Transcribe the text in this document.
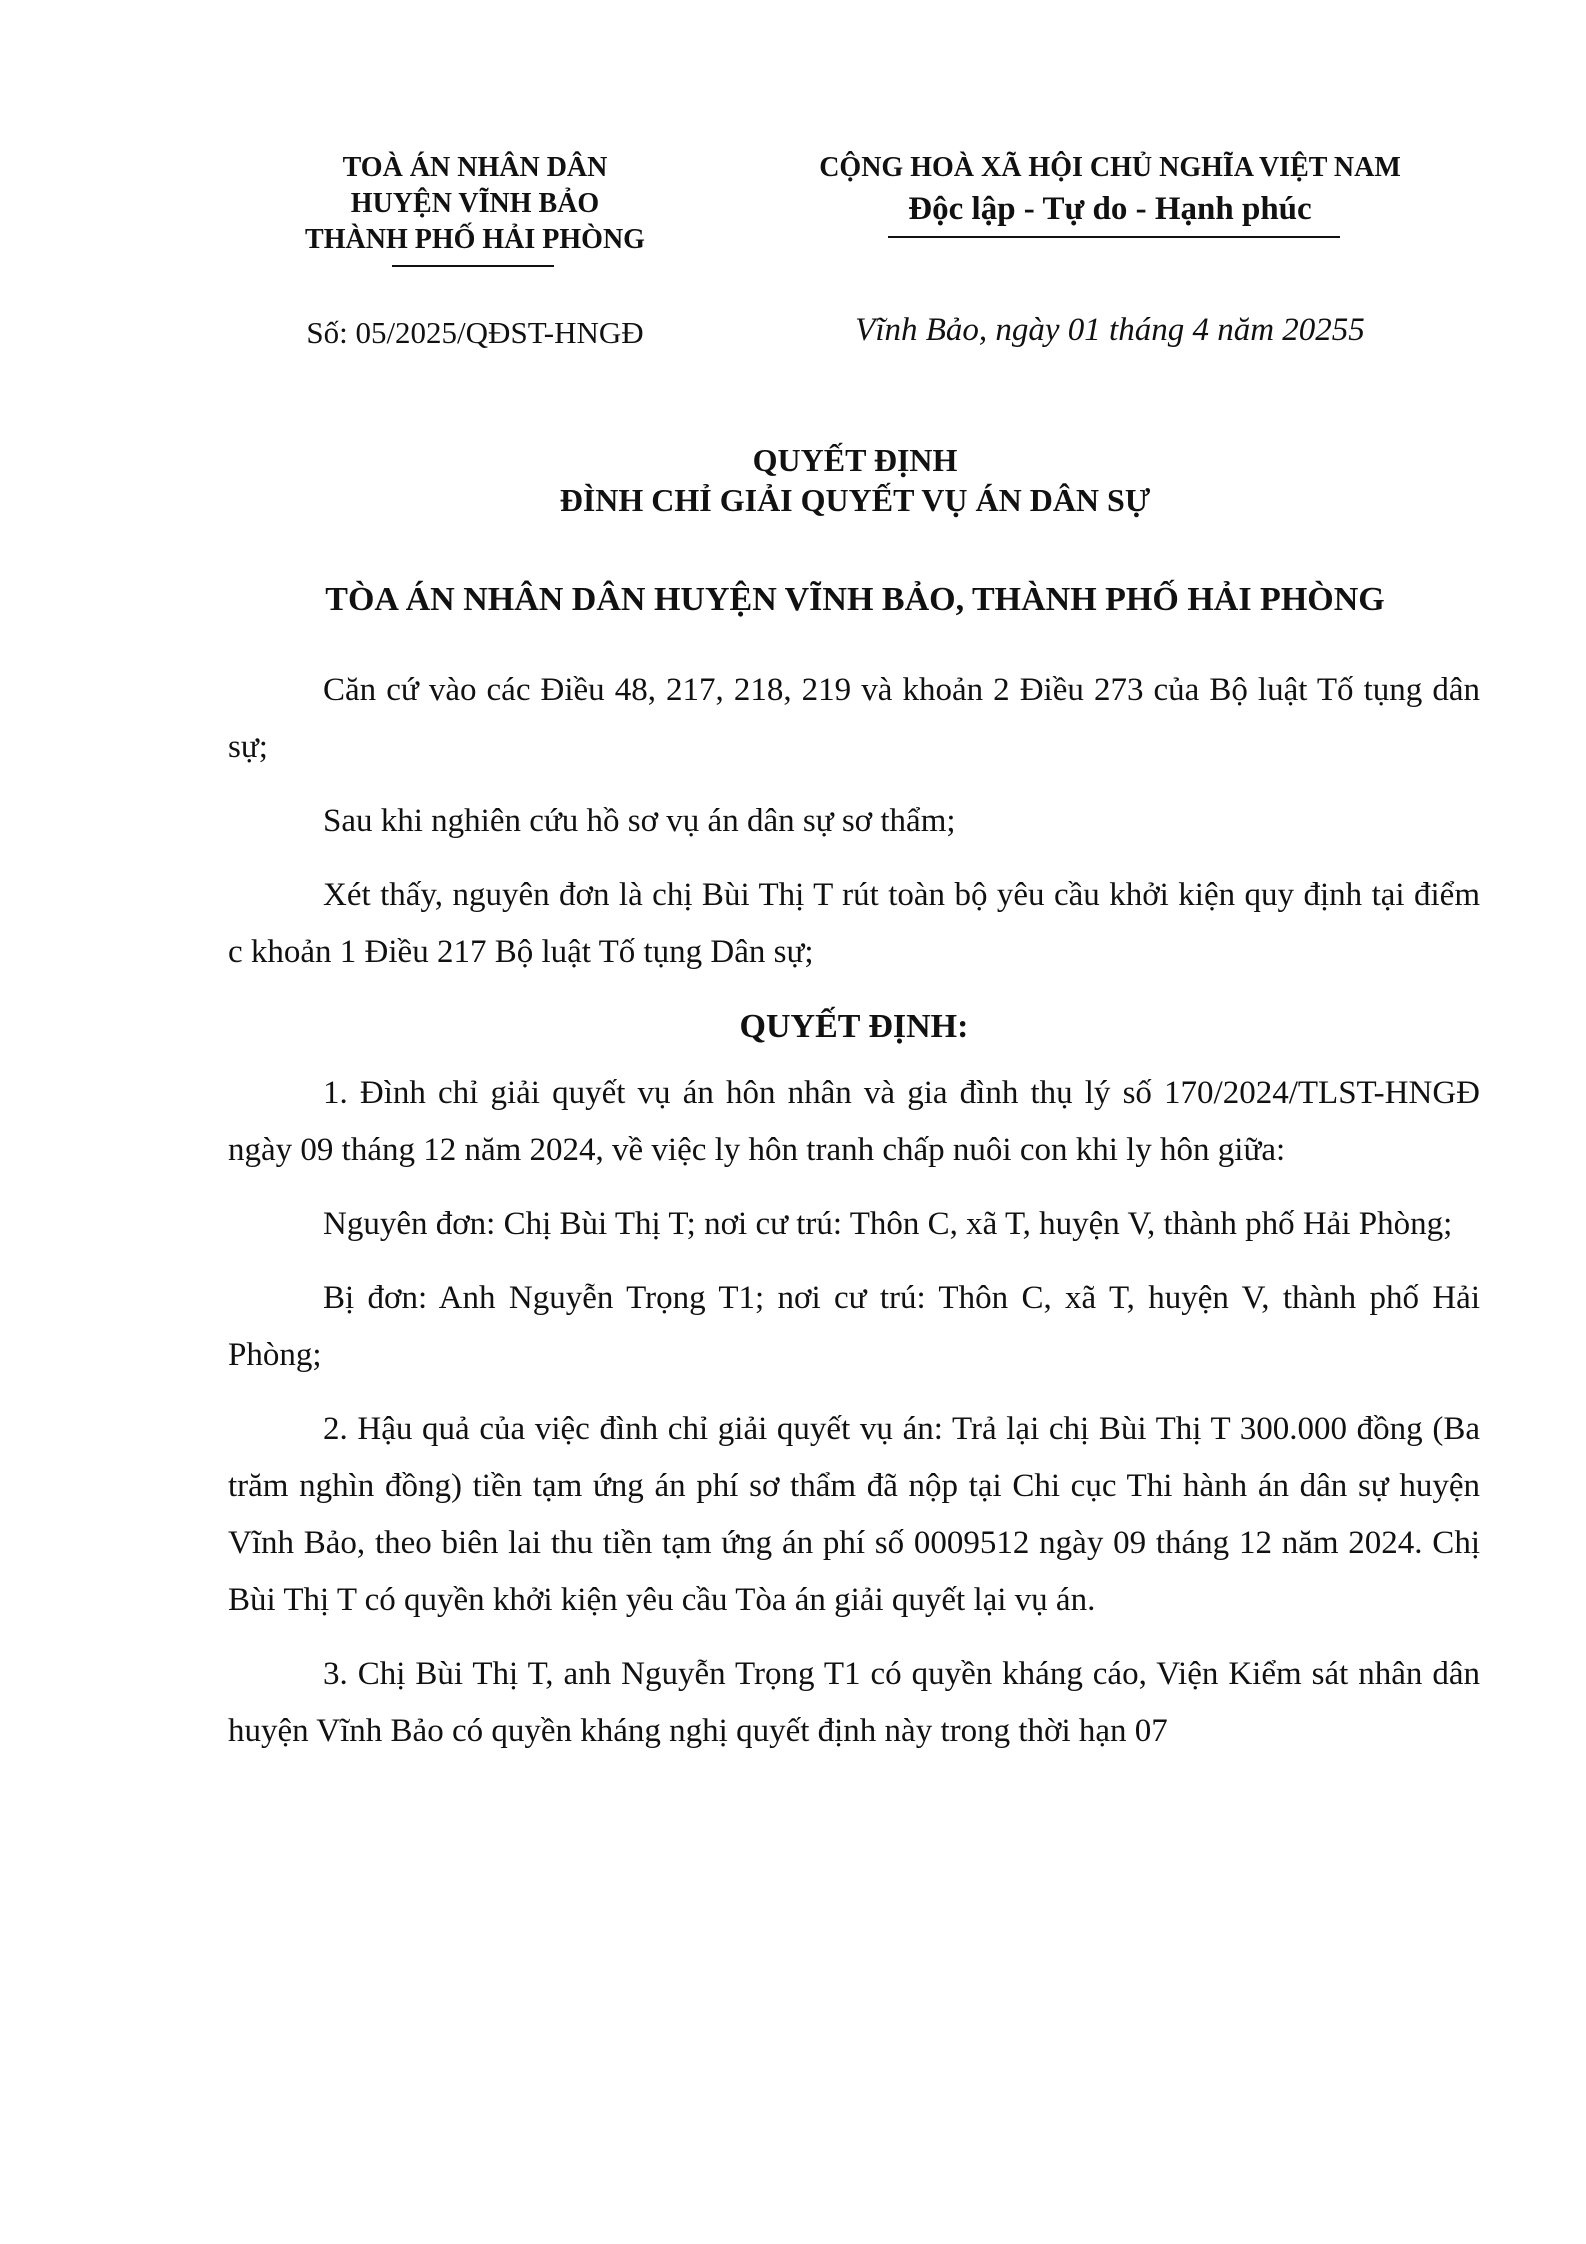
TOÀ ÁN NHÂN DÂN
HUYỆN VĨNH BẢO
THÀNH PHỐ HẢI PHÒNG
CỘNG HOÀ XÃ HỘI CHỦ NGHĨA VIỆT NAM
Độc lập - Tự do - Hạnh phúc
Số: 05/2025/QĐST-HNGĐ	Vĩnh Bảo, ngày 01 tháng 4 năm 20255
QUYẾT ĐỊNH
ĐÌNH CHỈ GIẢI QUYẾT VỤ ÁN DÂN SỰ
TÒA ÁN NHÂN DÂN HUYỆN VĨNH BẢO, THÀNH PHỐ HẢI PHÒNG

Căn cứ vào các Điều 48, 217, 218, 219 và khoản 2 Điều 273 của Bộ luật Tố tụng dân sự;

Sau khi nghiên cứu hồ sơ vụ án dân sự sơ thẩm;

Xét thấy, nguyên đơn là chị Bùi Thị T rút toàn bộ yêu cầu khởi kiện quy định tại điểm c khoản 1 Điều 217 Bộ luật Tố tụng Dân sự;

QUYẾT ĐỊNH:

1. Đình chỉ giải quyết vụ án hôn nhân và gia đình thụ lý số 170/2024/TLST-HNGĐ ngày 09 tháng 12 năm 2024, về việc ly hôn tranh chấp nuôi con khi ly hôn giữa:

Nguyên đơn: Chị Bùi Thị T; nơi cư trú: Thôn C, xã T, huyện V, thành phố Hải Phòng;

Bị đơn: Anh Nguyễn Trọng T1; nơi cư trú: Thôn C, xã T, huyện V, thành phố Hải Phòng;

2. Hậu quả của việc đình chỉ giải quyết vụ án: Trả lại chị Bùi Thị T 300.000 đồng (Ba trăm nghìn đồng) tiền tạm ứng án phí sơ thẩm đã nộp tại Chi cục Thi hành án dân sự huyện Vĩnh Bảo, theo biên lai thu tiền tạm ứng án phí số 0009512 ngày 09 tháng 12 năm 2024. Chị Bùi Thị T có quyền khởi kiện yêu cầu Tòa án giải quyết lại vụ án.

3. Chị Bùi Thị T, anh Nguyễn Trọng T1 có quyền kháng cáo, Viện Kiểm sát nhân dân huyện Vĩnh Bảo có quyền kháng nghị quyết định này trong thời hạn 07
